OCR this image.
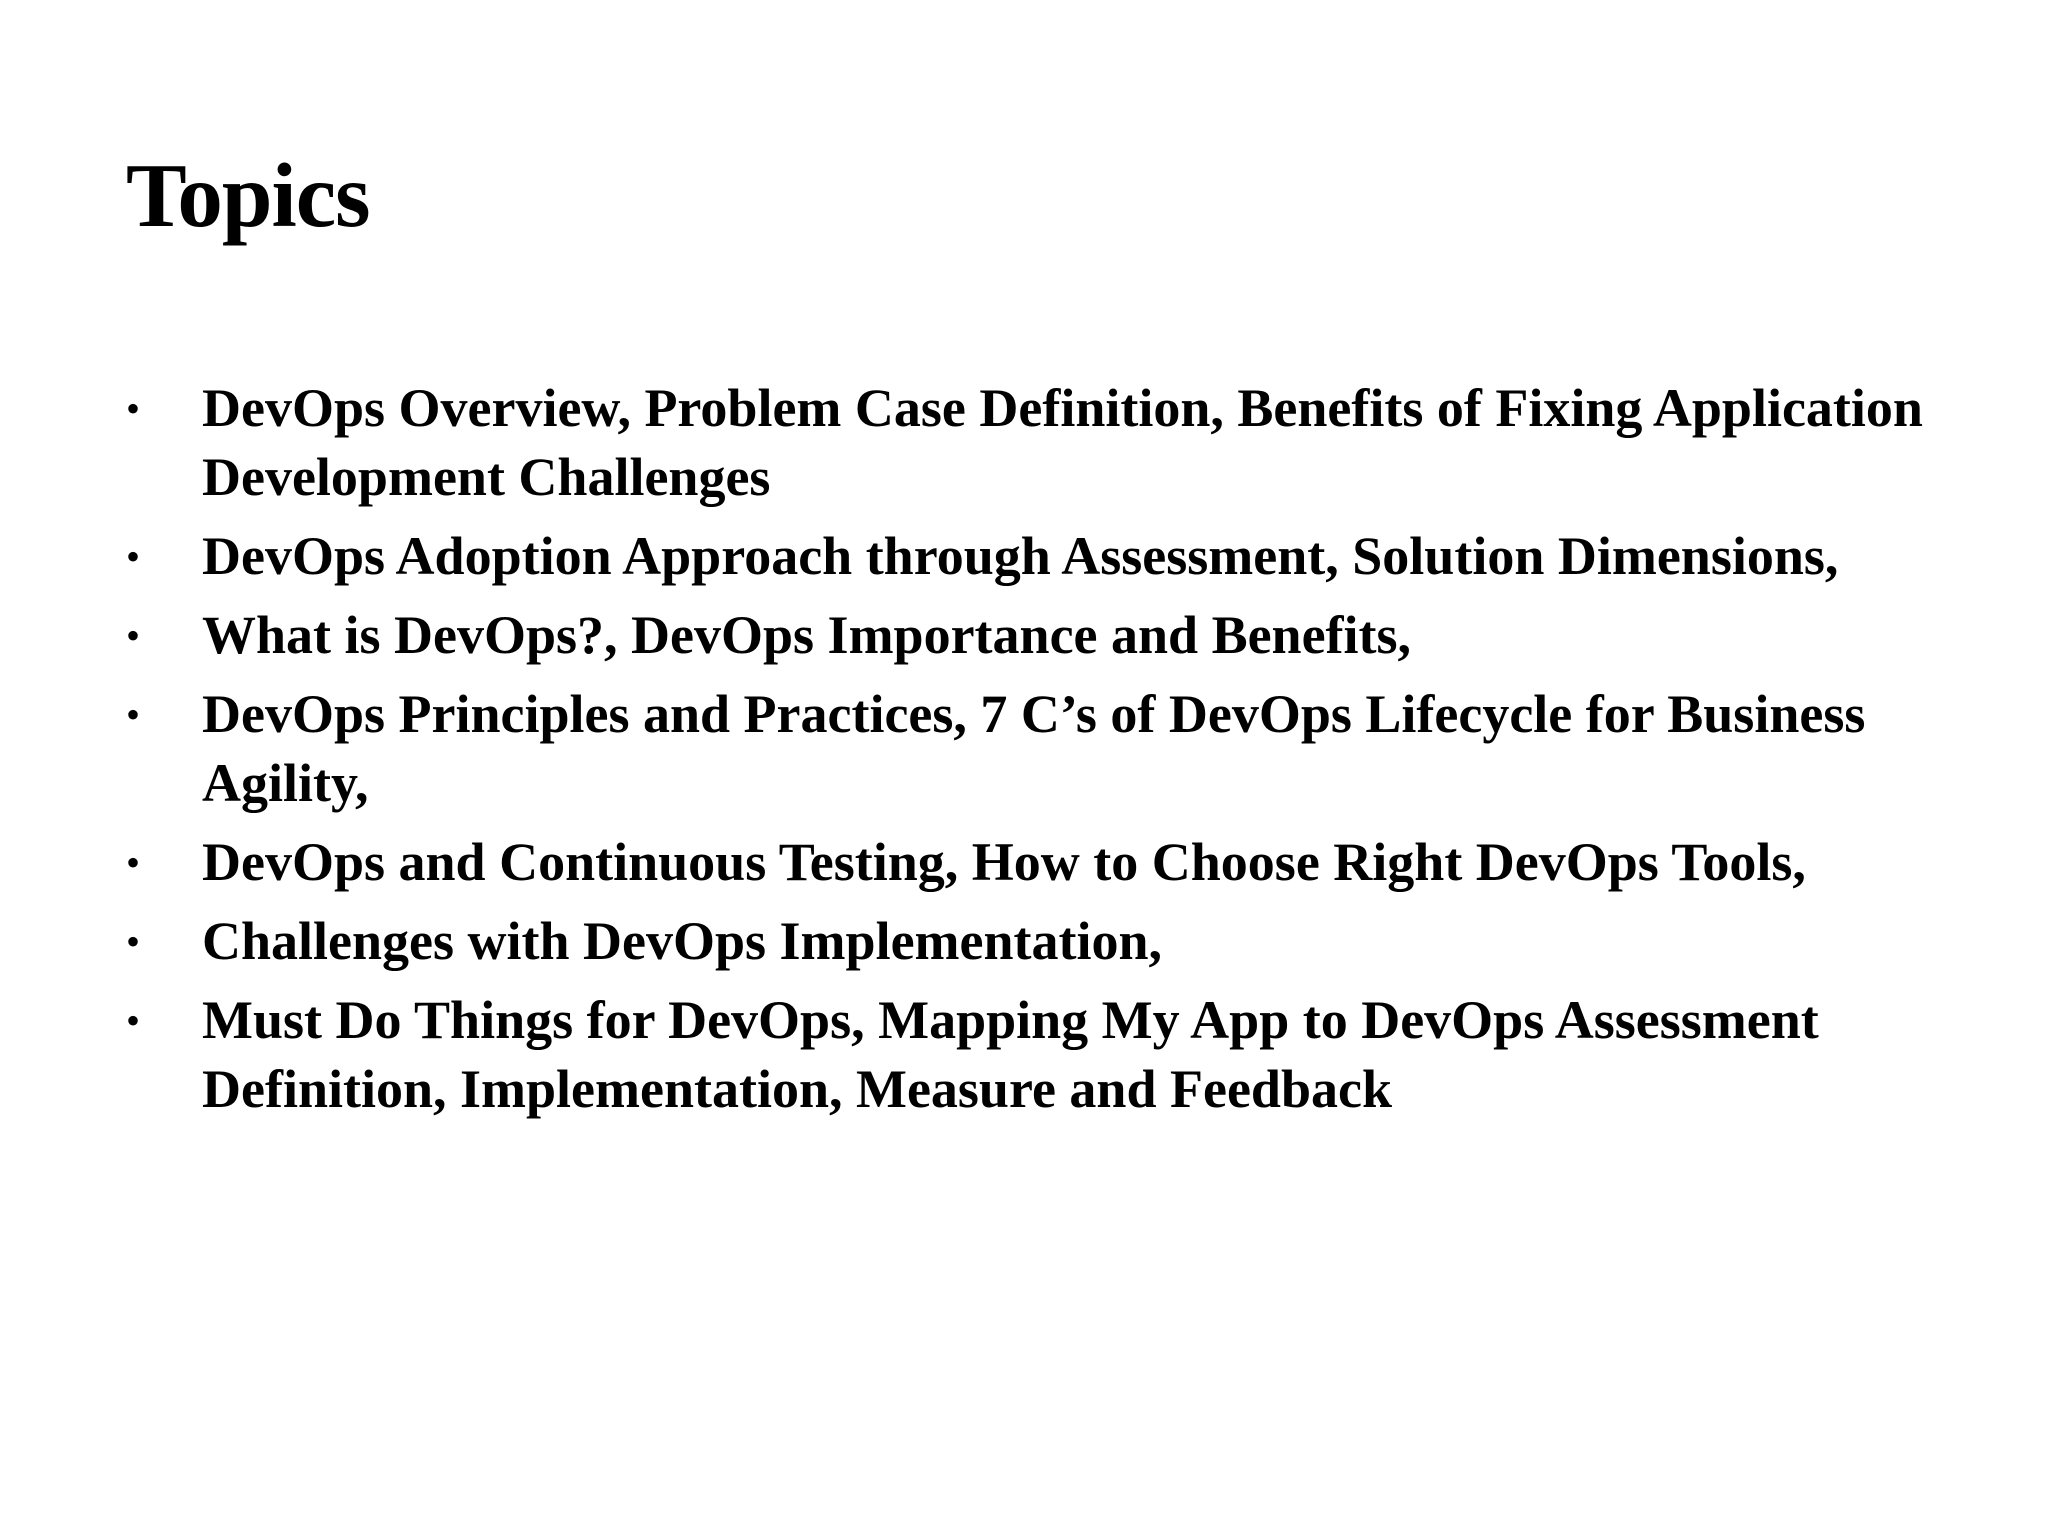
Topics
• DevOps Overview, Problem Case Definition, Benefits of Fixing Application Development Challenges
• DevOps Adoption Approach through Assessment, Solution Dimensions,
• What is DevOps?, DevOps Importance and Benefits,
• DevOps Principles and Practices, 7 C’s of DevOps Lifecycle for Business Agility,
• DevOps and Continuous Testing, How to Choose Right DevOps Tools,
• Challenges with DevOps Implementation,
• Must Do Things for DevOps, Mapping My App to DevOps Assessment Definition, Implementation, Measure and Feedback
